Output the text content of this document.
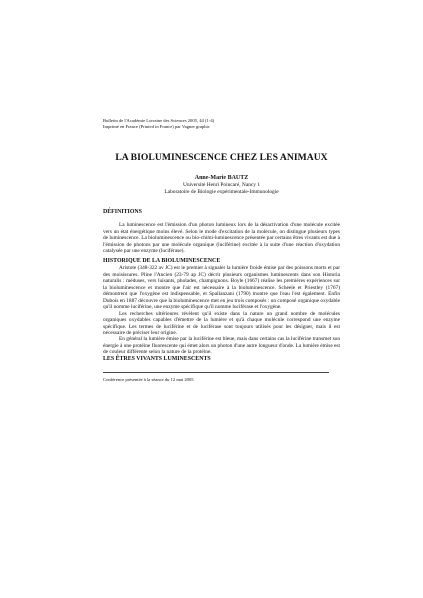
Bulletin de l'Académie Lorraine des Sciences 2005, 44 (1-4)

Imprimé en France (Printed in France) par Vagner graphic

LA BIOLUMINESCENCE CHEZ LES ANIMAUX

Anne-Marie BAUTZ

Université Henri Poincaré, Nancy 1

Laboratoire de Biologie expérimentale-Immunologie

DÉFINITIONS

La luminescence est l'émission d'un photon lumineux lors de la désactivation d'une molécule excitée vers un état énergétique moins élevé. Selon le mode d'excitation de la molécule, on distingue plusieurs types de luminescence. La bioluminescence ou bio-chimi-luminescence présentée par certains êtres vivants est due à l'émission de photons par une molécule organique (luciférine) excitée à la suite d'une réaction d'oxydation catalysée par une enzyme (luciférase).

HISTORIQUE DE LA BIOLUMINESCENCE

Aristote (348-322 av JC) est le premier à signaler la lumière froide émise par des poissons morts et par des moisissures. Pline l'Ancien (23-79 ap JC) décrit plusieurs organismes luminescents dans son Historia naturalis : méduses, vers luisants, pholades, champignons. Boyle (1667) réalise les premières expériences sur la bioluminescence et montre que l'air est nécessaire à la bioluminescence. Scheele et Priestley (1767) démontrent que l'oxygène est indispensable, et Spallanzani (1790) montre que l'eau l'est également. Enfin Dubois en 1887 découvre que la bioluminescence met en jeu trois composés : un composé organique oxydable qu'il nomme luciférine, une enzyme spécifique qu'il nomme luciférase et l'oxygène.

Les recherches ultérieures révèlent qu'il existe dans la nature un grand nombre de molécules organiques oxydables capables d'émettre de la lumière et qu'à chaque molécule correspond une enzyme spécifique. Les termes de luciférine et de luciférase sont toujours utilisés pour les désigner, mais il est nécessaire de préciser leur origine.

En général la lumière émise par la luciférine est bleue, mais dans certains cas la luciférine transmet son énergie à une protéine fluorescente qui émet alors un photon d'une autre longueur d'onde. La lumière émise est de couleur différente selon la nature de la protéine.

LES ÊTRES VIVANTS LUMINESCENTS

Conférence présentée à la séance du 12 mai 2005
